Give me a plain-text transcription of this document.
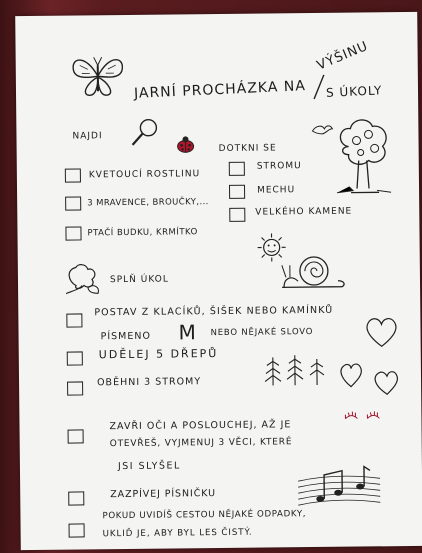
JARNÍ PROCHÁZKA NA
VÝŠINU
S ÚKOLY
NAJDI
DOTKNI SE
KVETOUCÍ ROSTLINU
3 MRAVENCE, BROUČKY,...
PTAČÍ BUDKU, KRMÍTKO
STROMU
MECHU
VELKÉHO KAMENE
SPLŇ ÚKOL
POSTAV Z KLACÍKŮ, ŠIŠEK NEBO KAMÍNKŮ
PÍSMENO M NEBO NĚJAKÉ SLOVO
UDĚLEJ 5 DŘEPŮ
OBĚHNI 3 STROMY
ZAVŘI OČI A POSLOUCHEJ, AŽ JE
OTEVŘEŠ, VYJMENUJ 3 VĚCI, KTERÉ
JSI SLYŠEL
ZAZPÍVEJ PÍSNIČKU
POKUD UVIDÍŠ CESTOU NĚJAKÉ ODPADKY,
UKLIĎ JE, ABY BYL LES ČISTÝ.
